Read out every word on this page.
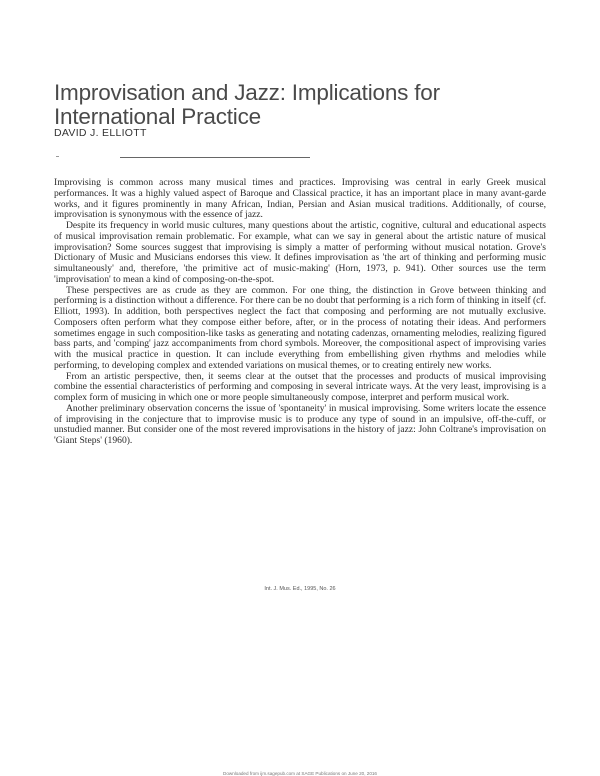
Improvisation and Jazz: Implications for International Practice
DAVID J. ELLIOTT

Improvising is common across many musical times and practices. Improvising was central in early Greek musical performances. It was a highly valued aspect of Baroque and Classical practice, it has an important place in many avant-garde works, and it figures prominently in many African, Indian, Persian and Asian musical traditions. Additionally, of course, improvisation is synonymous with the essence of jazz.

Despite its frequency in world music cultures, many questions about the artistic, cognitive, cultural and educational aspects of musical improvisation remain problematic. For example, what can we say in general about the artistic nature of musical improvisation? Some sources suggest that improvising is simply a matter of performing without musical notation. Grove's Dictionary of Music and Musicians endorses this view. It defines improvisation as 'the art of thinking and performing music simultaneously' and, therefore, 'the primitive act of music-making' (Horn, 1973, p. 941). Other sources use the term 'improvisation' to mean a kind of composing-on-the-spot.

These perspectives are as crude as they are common. For one thing, the distinction in Grove between thinking and performing is a distinction without a difference. For there can be no doubt that performing is a rich form of thinking in itself (cf. Elliott, 1993). In addition, both perspectives neglect the fact that composing and performing are not mutually exclusive. Composers often perform what they compose either before, after, or in the process of notating their ideas. And performers sometimes engage in such composition-like tasks as generating and notating cadenzas, ornamenting melodies, realizing figured bass parts, and 'comping' jazz accompaniments from chord symbols. Moreover, the compositional aspect of improvising varies with the musical practice in question. It can include everything from embellishing given rhythms and melodies while performing, to developing complex and extended variations on musical themes, or to creating entirely new works.

From an artistic perspective, then, it seems clear at the outset that the processes and products of musical improvising combine the essential characteristics of performing and composing in several intricate ways. At the very least, improvising is a complex form of musicing in which one or more people simultaneously compose, interpret and perform musical work.

Another preliminary observation concerns the issue of 'spontaneity' in musical improvising. Some writers locate the essence of improvising in the conjecture that to improvise music is to produce any type of sound in an impulsive, off-the-cuff, or unstudied manner. But consider one of the most revered improvisations in the history of jazz: John Coltrane's improvisation on 'Giant Steps' (1960).

Int. J. Mus. Ed., 1995, No. 26
Downloaded from ijm.sagepub.com at SAGE Publications on June 20, 2016
